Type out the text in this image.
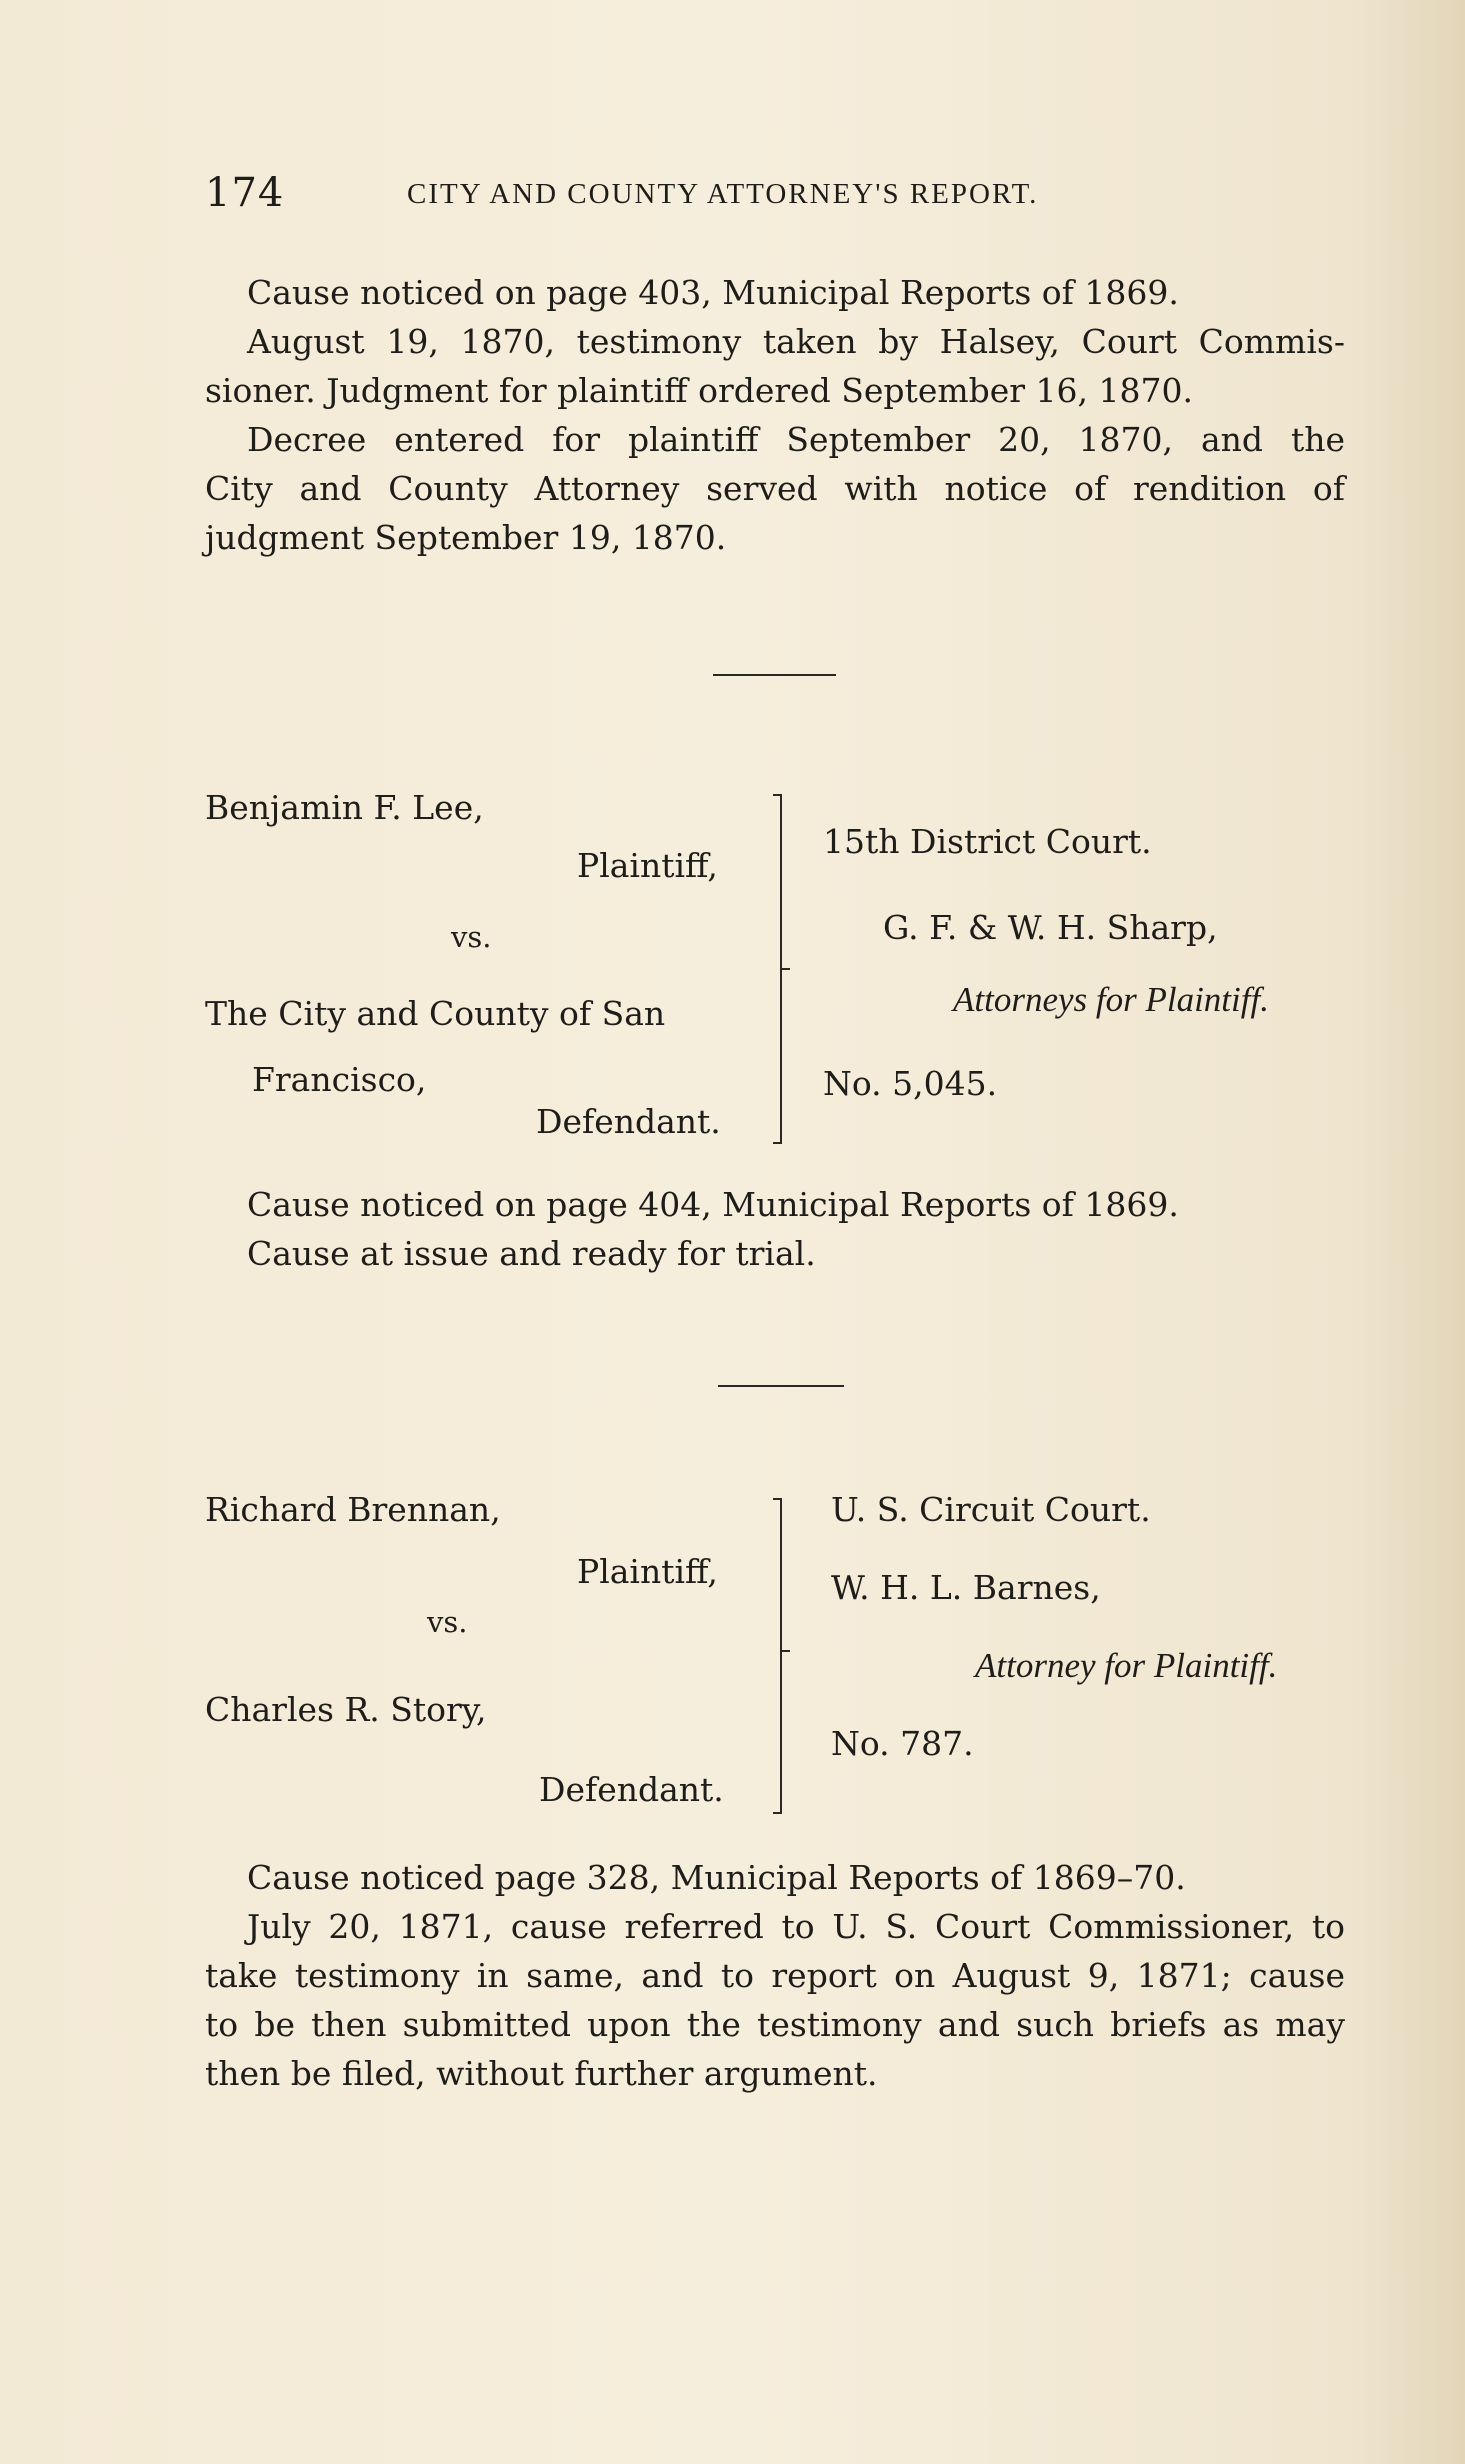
174	CITY AND COUNTY ATTORNEY'S REPORT.
Cause noticed on page 403, Municipal Reports of 1869.
August 19, 1870, testimony taken by Halsey, Court Commis-
sioner. Judgment for plaintiff ordered September 16, 1870.
Decree entered for plaintiff September 20, 1870, and the
City and County Attorney served with notice of rendition of
judgment September 19, 1870.
Benjamin F. Lee,
Plaintiff,
vs.
The City and County of San
Francisco,
Defendant.
15th District Court.
G. F. & W. H. Sharp,
Attorneys for Plaintiff.
No. 5,045.
Cause noticed on page 404, Municipal Reports of 1869.
Cause at issue and ready for trial.
Richard Brennan,
Plaintiff,
vs.
Charles R. Story,
Defendant.
U. S. Circuit Court.
W. H. L. Barnes,
Attorney for Plaintiff.
No. 787.
Cause noticed page 328, Municipal Reports of 1869–70.
July 20, 1871, cause referred to U. S. Court Commissioner, to
take testimony in same, and to report on August 9, 1871; cause
to be then submitted upon the testimony and such briefs as may
then be filed, without further argument.
